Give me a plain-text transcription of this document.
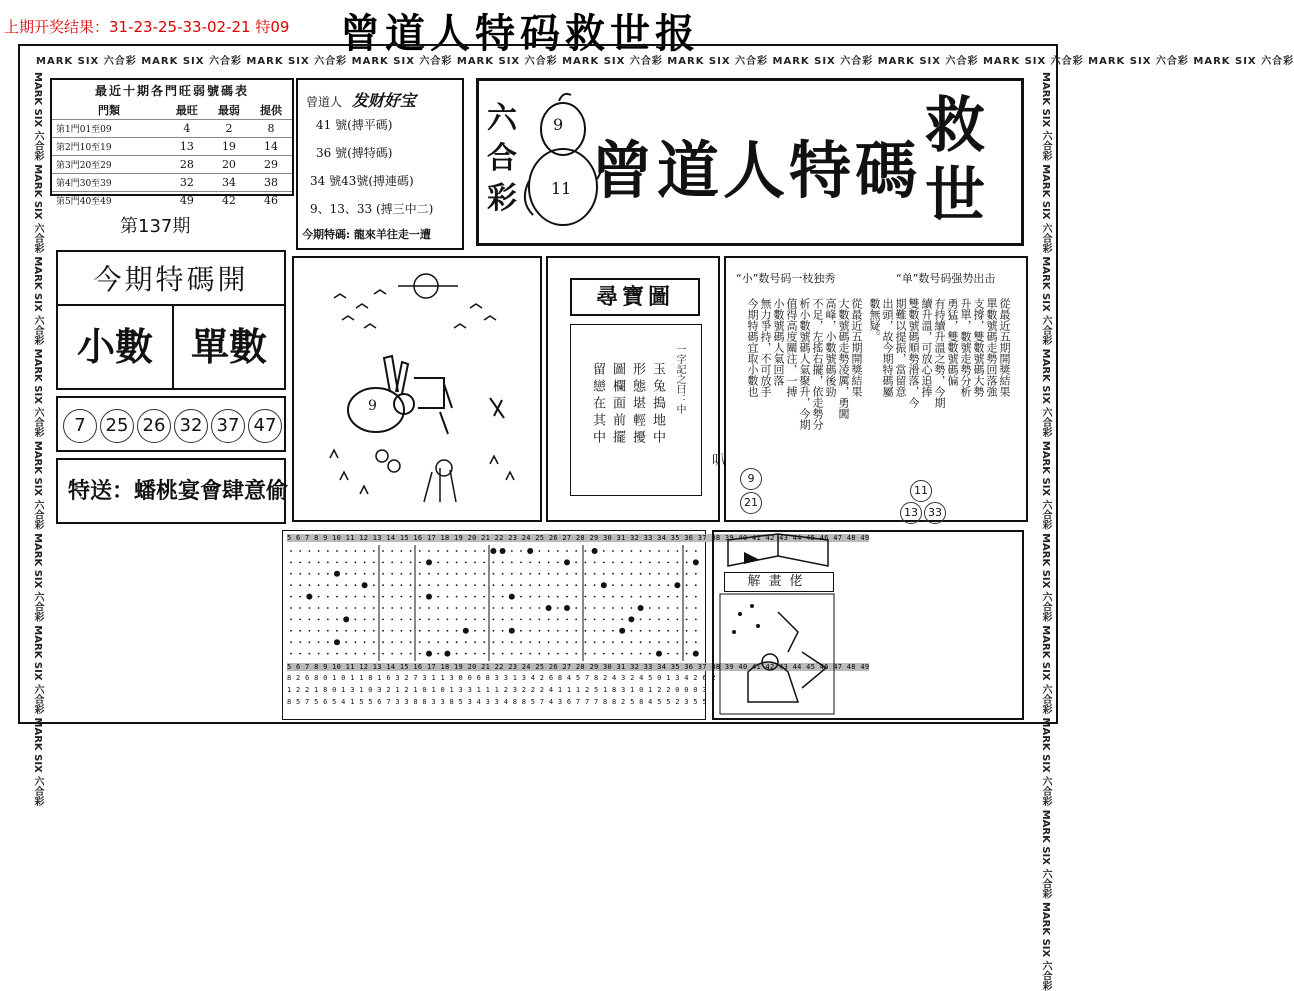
上期开奖结果：31-23-25-33-02-21 特09 曾道人特码救世报
MARK SIX 六合彩 MARK SIX 六合彩 MARK SIX 六合彩 MARK SIX 六合彩 MARK SIX 六合彩 MARK SIX 六合彩 MARK SIX 六合彩 MARK SIX 六合彩 MARK SIX 六合彩 MARK SIX 六合彩 MARK SIX 六合彩 MARK SIX 六合彩
MARK SIX 六合彩 MARK SIX 六合彩 MARK SIX 六合彩 MARK SIX 六合彩 MARK SIX 六合彩 MARK SIX 六合彩 MARK SIX 六合彩 MARK SIX 六合彩	MARK SIX 六合彩 MARK SIX 六合彩 MARK SIX 六合彩 MARK SIX 六合彩 MARK SIX 六合彩 MARK SIX 六合彩 MARK SIX 六合彩 MARK SIX 六合彩 MARK SIX 六合彩 MARK SIX 六合彩
最近十期各門旺弱號碼表
門類	最旺	最弱	提供
第1門01至09	4	2	8
第2門10至19	13	19	14
第3門20至29	28	20	29
第4門30至39	32	34	38
第5門40至49	49	42	46
曾道人 发财好宝
41 號(搏平碼)
36 號(搏特碼)
34 號43號(搏連碼)
9、13、33 (搏三中二)
今期特碼: 龍來羊往走一遭
六合彩
9
11 曾道人特碼
救世
第137期
今期特碼開
小數 單數
7	25 26 32 37 47
特送：蟠桃宴會肆意偷
9
尋寶圖
一字記之曰：中
玉兔搗地中
形態堪輕擾
圖欄面前擺
留戀在其中
“小”数号码一枝独秀	“单”数号码强势出击
從最近五期開獎結果
單數號碼走勢回落強
支撐，雙數號碼大勢
升單，數號走勢分析
勇猛，雙數號碼偏
有持續升溫之勢，今期
續升溫，可放心追捧
雙數號碼順勢滑落，今
期難以提振，當留意
出頭，故今期特碼屬
數無疑。
從最近五期開獎結果
大數號碼走勢凌厲，勇闖
高峰，小數號碼後勁
不足，左搖右擺，依走勢分
析小數號碼人氣聚升，今期
值得高度關注，一搏
小數號碼人氣回落
無力爭持，不可放手
今期特碼宜取小數也
叭
9
21
11
13 33
5 6 7 8 9 10 11 12 13 14 15 16 17 18 19 20 21 22 23 24 25 26 27 28 29 30 31 32 33 34 35 36 37 38 39 40 41 42 43 44 45 46 47 48 49
5 6 7 8 9 10 11 12 13 14 15 16 17 18 19 20 21 22 23 24 25 26 27 28 29 30 31 32 33 34 35 36 37 38 39 40 41 42 43 44 45 46 47 48 49
8 2 6 8 0 1 0 1 1 8 1 6 3 2 7 3 1 1 3 0 0 6 8 3 3 1 3 4 2 6 8 4 5 7 8 2 4 3 2 4 5 0 1 3 4 2 6 2
1 2 2 1 8 0 1 3 1 0 3 2 1 2 1 0 1 0 1 3 3 1 1 1 2 3 2 2 2 4 1 1 1 2 5 1 8 3 1 0 1 2 2 0 0 0 3
8 5 7 5 6 5 4 1 5 5 6 7 3 3 8 8 3 3 8 5 3 4 3 3 4 8 8 5 7 4 3 6 7 7 7 8 8 2 5 8 4 5 5 2 3 5 5
解畫佬
